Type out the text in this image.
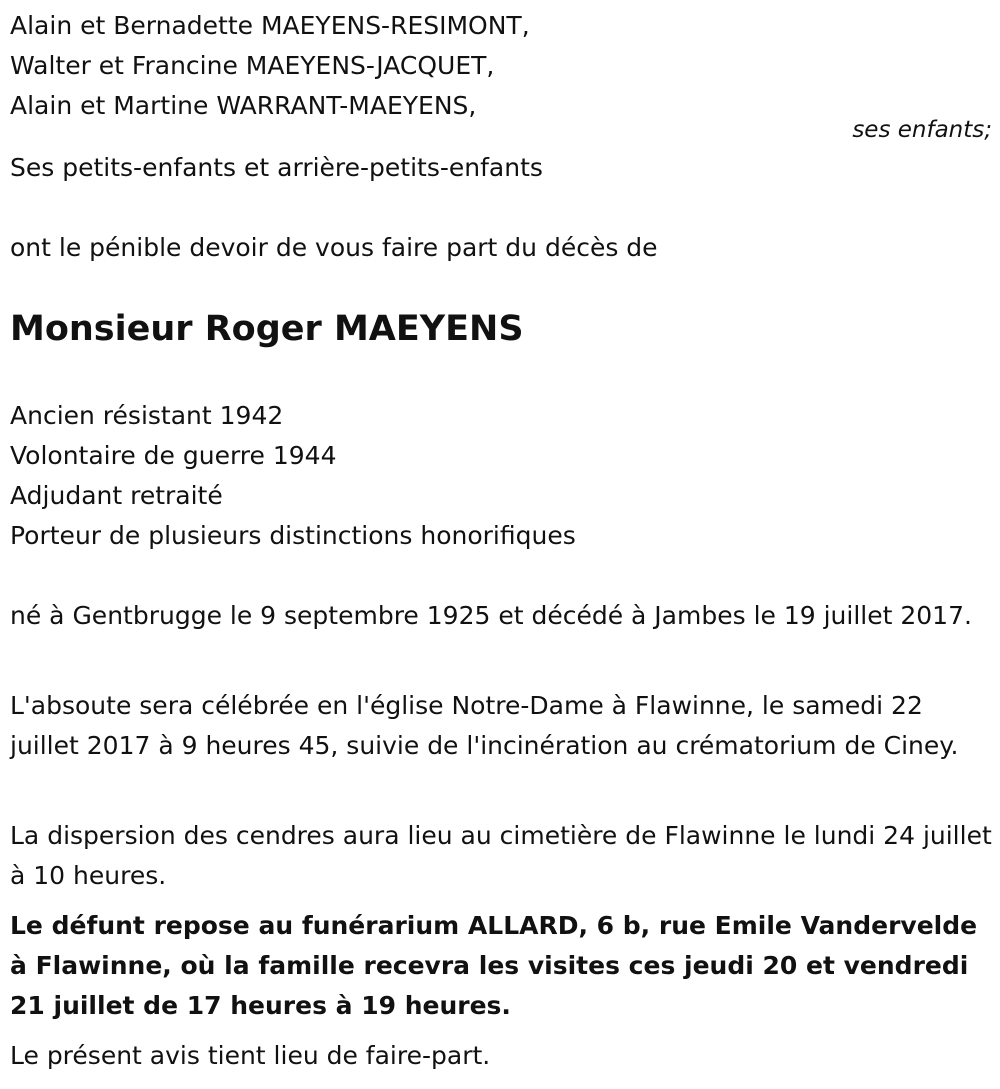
Alain et Bernadette MAEYENS-RESIMONT,
Walter et Francine MAEYENS-JACQUET,
Alain et Martine WARRANT-MAEYENS,
ses enfants;
Ses petits-enfants et arrière-petits-enfants
ont le pénible devoir de vous faire part du décès de
Monsieur Roger MAEYENS
Ancien résistant 1942
Volontaire de guerre 1944
Adjudant retraité
Porteur de plusieurs distinctions honorifiques
né à Gentbrugge le 9 septembre 1925 et décédé à Jambes le 19 juillet 2017.
L'absoute sera célébrée en l'église Notre-Dame à Flawinne, le samedi 22 juillet 2017 à 9 heures 45, suivie de l'incinération au crématorium de Ciney.
La dispersion des cendres aura lieu au cimetière de Flawinne le lundi 24 juillet à 10 heures.
Le défunt repose au funérarium ALLARD, 6 b, rue Emile Vandervelde à Flawinne, où la famille recevra les visites ces jeudi 20 et vendredi 21 juillet de 17 heures à 19 heures.
Le présent avis tient lieu de faire-part.
